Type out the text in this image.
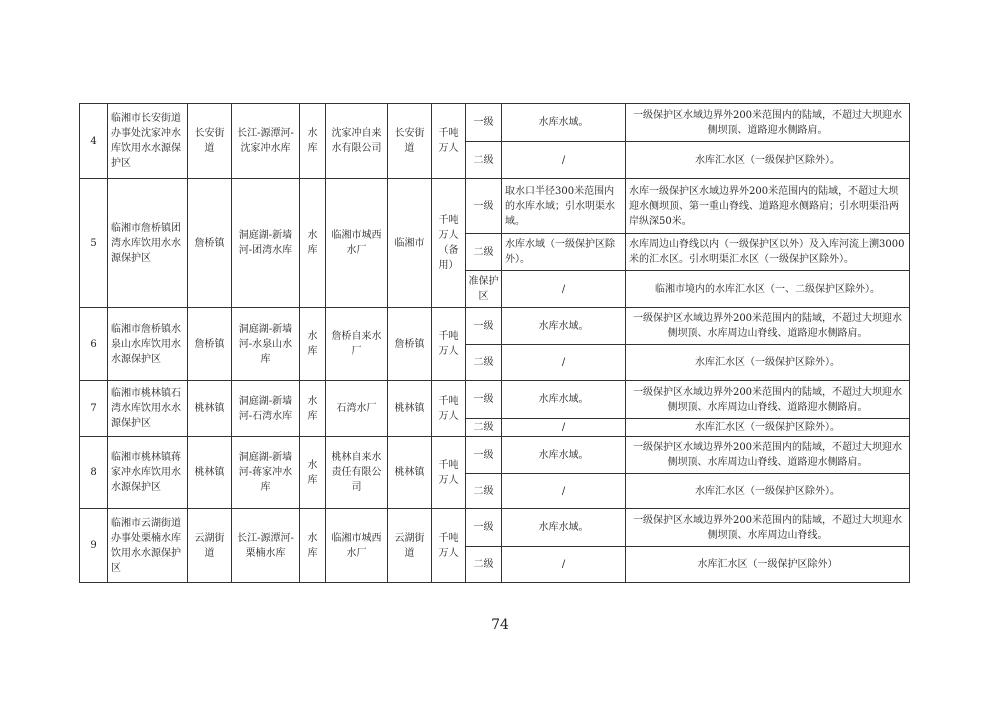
4	临湘市长安街道办事处沈家冲水库饮用水水源保护区	长安街道	长江-源潭河-沈家冲水库	水库	沈家冲自来水有限公司	长安街道	千吨万人	一级	水库水域。	一级保护区水域边界外200米范围内的陆域，不超过大坝迎水侧坝顶、道路迎水侧路肩。
								二级	/	水库汇水区（一级保护区除外）。
5	临湘市詹桥镇团湾水库饮用水水源保护区	詹桥镇	洞庭湖-新墙河-团湾水库	水库	临湘市城西水厂	临湘市	千吨万人（备用）	一级	取水口半径300米范围内的水库水域；引水明渠水域。	水库一级保护区水域边界外200米范围内的陆域，不超过大坝迎水侧坝顶、第一重山脊线、道路迎水侧路肩；引水明渠沿两岸纵深50米。
								二级	水库水域（一级保护区除外）。	水库周边山脊线以内（一级保护区以外）及入库河流上溯3000米的汇水区。引水明渠汇水区（一级保护区除外）。
								准保护区	/	临湘市境内的水库汇水区（一、二级保护区除外）。
6	临湘市詹桥镇水泉山水库饮用水水源保护区	詹桥镇	洞庭湖-新墙河-水泉山水库	水库	詹桥自来水厂	詹桥镇	千吨万人	一级	水库水域。	一级保护区水域边界外200米范围内的陆域，不超过大坝迎水侧坝顶、水库周边山脊线、道路迎水侧路肩。
								二级	/	水库汇水区（一级保护区除外）。
7	临湘市桃林镇石湾水库饮用水水源保护区	桃林镇	洞庭湖-新墙河-石湾水库	水库	石湾水厂	桃林镇	千吨万人	一级	水库水域。	一级保护区水域边界外200米范围内的陆域，不超过大坝迎水侧坝顶、水库周边山脊线、道路迎水侧路肩。
								二级	/	水库汇水区（一级保护区除外）。
8	临湘市桃林镇蒋家冲水库饮用水水源保护区	桃林镇	洞庭湖-新墙河-蒋家冲水库	水库	桃林自来水责任有限公司	桃林镇	千吨万人	一级	水库水域。	一级保护区水域边界外200米范围内的陆域，不超过大坝迎水侧坝顶、水库周边山脊线、道路迎水侧路肩。
								二级	/	水库汇水区（一级保护区除外）。
9	临湘市云湖街道办事处栗楠水库饮用水水源保护区	云湖街道	长江-源潭河-栗楠水库	水库	临湘市城西水厂	云湖街道	千吨万人	一级	水库水域。	一级保护区水域边界外200米范围内的陆域，不超过大坝迎水侧坝顶、水库周边山脊线。
								二级	/	水库汇水区（一级保护区除外）
74
